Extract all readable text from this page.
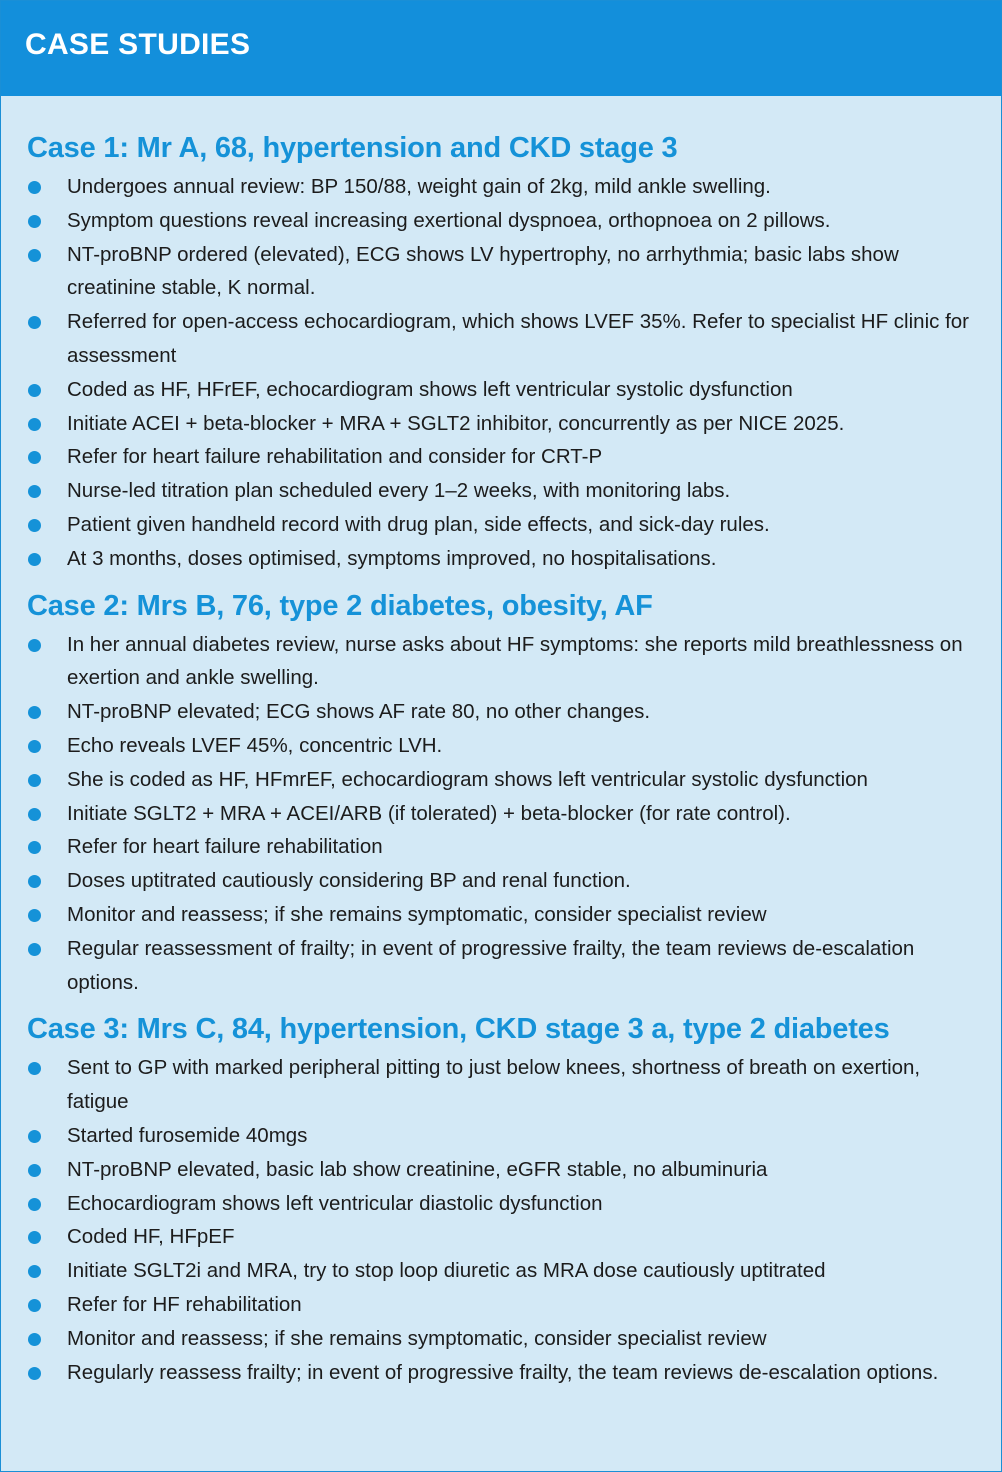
CASE STUDIES
Case 1: Mr A, 68, hypertension and CKD stage 3
Undergoes annual review: BP 150/88, weight gain of 2kg, mild ankle swelling.
Symptom questions reveal increasing exertional dyspnoea, orthopnoea on 2 pillows.
NT-proBNP ordered (elevated), ECG shows LV hypertrophy, no arrhythmia; basic labs show creatinine stable, K normal.
Referred for open-access echocardiogram, which shows LVEF 35%. Refer to specialist HF clinic for assessment
Coded as HF, HFrEF, echocardiogram shows left ventricular systolic dysfunction
Initiate ACEI + beta-blocker + MRA + SGLT2 inhibitor, concurrently as per NICE 2025.
Refer for heart failure rehabilitation and consider for CRT-P
Nurse-led titration plan scheduled every 1–2 weeks, with monitoring labs.
Patient given handheld record with drug plan, side effects, and sick-day rules.
At 3 months, doses optimised, symptoms improved, no hospitalisations.
Case 2: Mrs B, 76, type 2 diabetes, obesity, AF
In her annual diabetes review, nurse asks about HF symptoms: she reports mild breathlessness on exertion and ankle swelling.
NT-proBNP elevated; ECG shows AF rate 80, no other changes.
Echo reveals LVEF 45%, concentric LVH.
She is coded as HF, HFmrEF, echocardiogram shows left ventricular systolic dysfunction
Initiate SGLT2 + MRA + ACEI/ARB (if tolerated) + beta-blocker (for rate control).
Refer for heart failure rehabilitation
Doses uptitrated cautiously considering BP and renal function.
Monitor and reassess; if she remains symptomatic, consider specialist review
Regular reassessment of frailty; in event of progressive frailty, the team reviews de-escalation options.
Case 3: Mrs C, 84, hypertension, CKD stage 3 a, type 2 diabetes
Sent to GP with marked peripheral pitting to just below knees, shortness of breath on exertion, fatigue
Started furosemide 40mgs
NT-proBNP elevated, basic lab show creatinine, eGFR stable, no albuminuria
Echocardiogram shows left ventricular diastolic dysfunction
Coded HF, HFpEF
Initiate SGLT2i and MRA, try to stop loop diuretic as MRA dose cautiously uptitrated
Refer for HF rehabilitation
Monitor and reassess; if she remains symptomatic, consider specialist review
Regularly reassess frailty; in event of progressive frailty, the team reviews de-escalation options.
